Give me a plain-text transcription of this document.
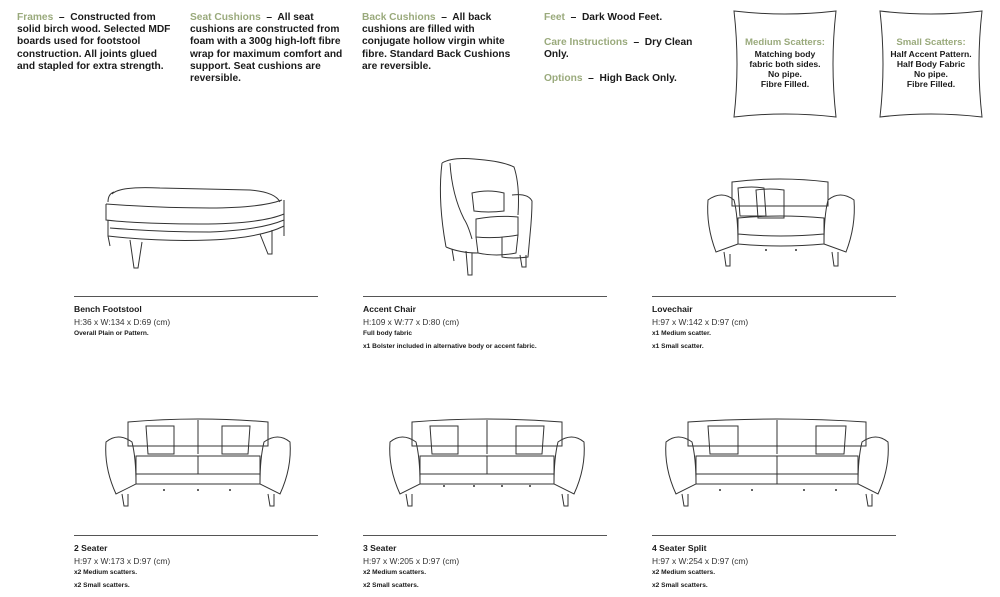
Frames  –  Constructed from solid birch wood. Selected MDF boards used for footstool construction. All joints glued and stapled for extra strength.

Seat Cushions  –  All seat cushions are constructed from foam with a 300g high-loft fibre wrap for maximum comfort and support. Seat cushions are reversible.

Back Cushions  –  All back cushions are filled with conjugate hollow virgin white fibre. Standard Back Cushions are reversible.

Feet  –  Dark Wood Feet.

Care Instructions  –  Dry Clean Only.

Options  –  High Back Only.

Medium Scatters:
Matching body
fabric both sides.
No pipe.
Fibre Filled.
Small Scatters:
Half Accent Pattern.
Half Body Fabric
No pipe.
Fibre Filled.
Bench Footstool
H:36 x W:134 x D:69 (cm)
Overall Plain or Pattern.
Accent Chair
H:109 x W:77 x D:80 (cm)
Full body fabric
x1 Bolster included in alternative body or accent fabric.
Lovechair
H:97 x W:142 x D:97 (cm)
x1 Medium scatter.
x1 Small scatter.
2 Seater
H:97 x W:173 x D:97 (cm)
x2 Medium scatters.
x2 Small scatters.
3 Seater
H:97 x W:205 x D:97 (cm)
x2 Medium scatters.
x2 Small scatters.
4 Seater Split
H:97 x W:254 x D:97 (cm)
x2 Medium scatters.
x2 Small scatters.
